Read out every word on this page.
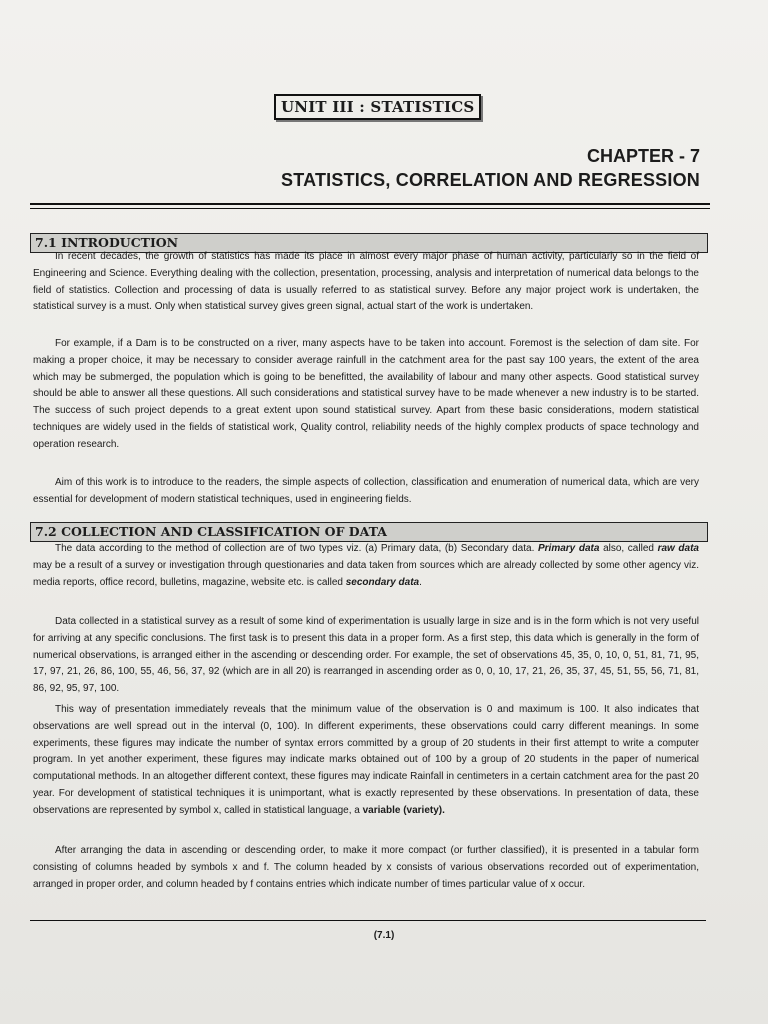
UNIT III : STATISTICS
CHAPTER - 7
STATISTICS, CORRELATION AND REGRESSION
7.1 INTRODUCTION

In recent decades, the growth of statistics has made its place in almost every major phase of human activity, particularly so in the field of Engineering and Science. Everything dealing with the collection, presentation, processing, analysis and interpretation of numerical data belongs to the field of statistics. Collection and processing of data is usually referred to as statistical survey. Before any major project work is undertaken, the statistical survey is a must. Only when statistical survey gives green signal, actual start of the work is undertaken.

For example, if a Dam is to be constructed on a river, many aspects have to be taken into account. Foremost is the selection of dam site. For making a proper choice, it may be necessary to consider average rainfull in the catchment area for the past say 100 years, the extent of the area which may be submerged, the population which is going to be benefitted, the availability of labour and many other aspects. Good statistical survey should be able to answer all these questions. All such considerations and statistical survey have to be made whenever a new industry is to be started. The success of such project depends to a great extent upon sound statistical survey. Apart from these basic considerations, modern statistical techniques are widely used in the fields of statistical work, Quality control, reliability needs of the highly complex products of space technology and operation research.

Aim of this work is to introduce to the readers, the simple aspects of collection, classification and enumeration of numerical data, which are very essential for development of modern statistical techniques, used in engineering fields.

7.2 COLLECTION AND CLASSIFICATION OF DATA

The data according to the method of collection are of two types viz. (a) Primary data, (b) Secondary data. Primary data also, called raw data may be a result of a survey or investigation through questionaries and data taken from sources which are already collected by some other agency viz. media reports, office record, bulletins, magazine, website etc. is called secondary data.

Data collected in a statistical survey as a result of some kind of experimentation is usually large in size and is in the form which is not very useful for arriving at any specific conclusions. The first task is to present this data in a proper form. As a first step, this data which is generally in the form of numerical observations, is arranged either in the ascending or descending order. For example, the set of observations 45, 35, 0, 10, 0, 51, 81, 71, 95, 17, 97, 21, 26, 86, 100, 55, 46, 56, 37, 92 (which are in all 20) is rearranged in ascending order as 0, 0, 10, 17, 21, 26, 35, 37, 45, 51, 55, 56, 71, 81, 86, 92, 95, 97, 100.

This way of presentation immediately reveals that the minimum value of the observation is 0 and maximum is 100. It also indicates that observations are well spread out in the interval (0, 100). In different experiments, these observations could carry different meanings. In some experiments, these figures may indicate the number of syntax errors committed by a group of 20 students in their first attempt to write a computer program. In yet another experiment, these figures may indicate marks obtained out of 100 by a group of 20 students in the paper of numerical computational methods. In an altogether different context, these figures may indicate Rainfall in centimeters in a certain catchment area for the past 20 year. For development of statistical techniques it is unimportant, what is exactly represented by these observations. In presentation of data, these observations are represented by symbol x, called in statistical language, a variable (variety).

After arranging the data in ascending or descending order, to make it more compact (or further classified), it is presented in a tabular form consisting of columns headed by symbols x and f. The column headed by x consists of various observations recorded out of experimentation, arranged in proper order, and column headed by f contains entries which indicate number of times particular value of x occur.

(7.1)
